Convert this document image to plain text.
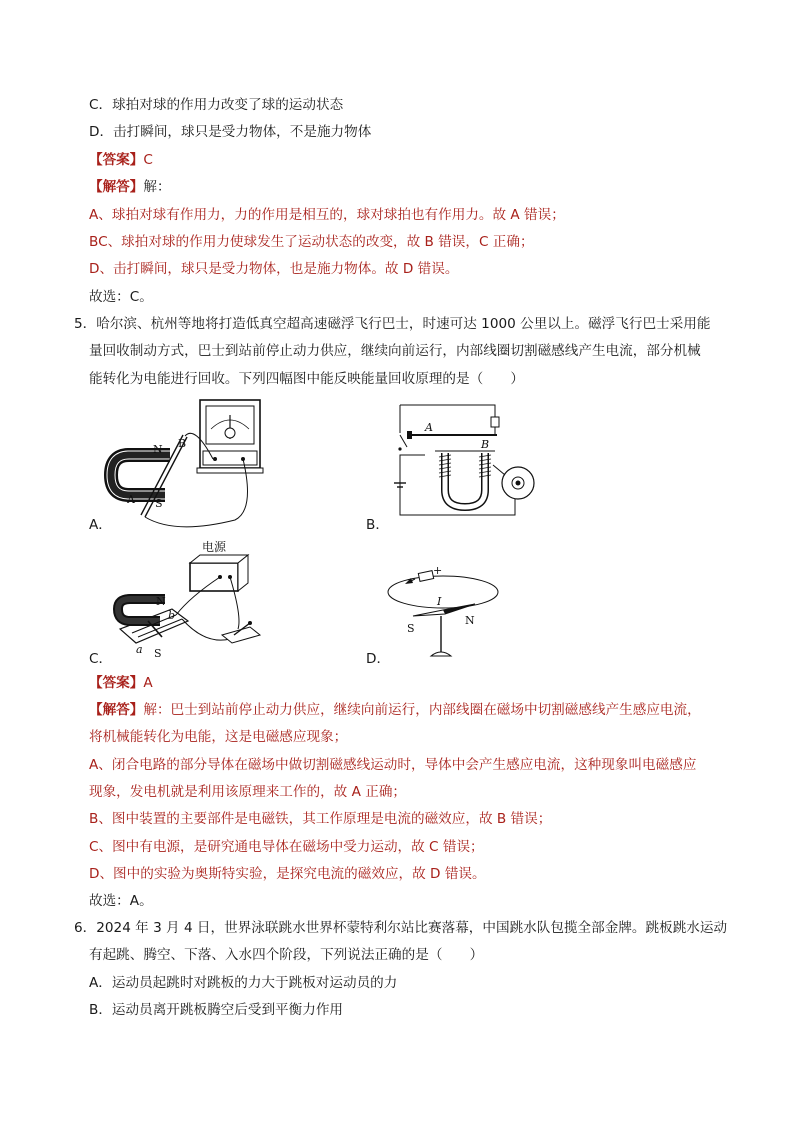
C．球拍对球的作用力改变了球的运动状态
D．击打瞬间，球只是受力物体，不是施力物体
【答案】C
【解答】解：
A、球拍对球有作用力，力的作用是相互的，球对球拍也有作用力。故 A 错误；
BC、球拍对球的作用力使球发生了运动状态的改变，故 B 错误，C 正确；
D、击打瞬间，球只是受力物体，也是施力物体。故 D 错误。
故选：C。
5．哈尔滨、杭州等地将打造低真空超高速磁浮飞行巴士，时速可达 1000 公里以上。磁浮飞行巴士采用能
量回收制动方式，巴士到站前停止动力供应，继续向前运行，内部线圈切割磁感线产生电流，部分机械
能转化为电能进行回收。下列四幅图中能反映能量回收原理的是（　　）
N B
A S
A．
A
B
B．
电源
N
b
a S
C．
+
I
S
N
D．
【答案】A
【解答】解：巴士到站前停止动力供应，继续向前运行，内部线圈在磁场中切割磁感线产生感应电流，
将机械能转化为电能，这是电磁感应现象；
A、闭合电路的部分导体在磁场中做切割磁感线运动时，导体中会产生感应电流，这种现象叫电磁感应
现象，发电机就是利用该原理来工作的，故 A 正确；
B、图中装置的主要部件是电磁铁，其工作原理是电流的磁效应，故 B 错误；
C、图中有电源，是研究通电导体在磁场中受力运动，故 C 错误；
D、图中的实验为奥斯特实验，是探究电流的磁效应，故 D 错误。
故选：A。
6．2024 年 3 月 4 日，世界泳联跳水世界杯蒙特利尔站比赛落幕，中国跳水队包揽全部金牌。跳板跳水运动
有起跳、腾空、下落、入水四个阶段，下列说法正确的是（　　）
A．运动员起跳时对跳板的力大于跳板对运动员的力
B．运动员离开跳板腾空后受到平衡力作用
